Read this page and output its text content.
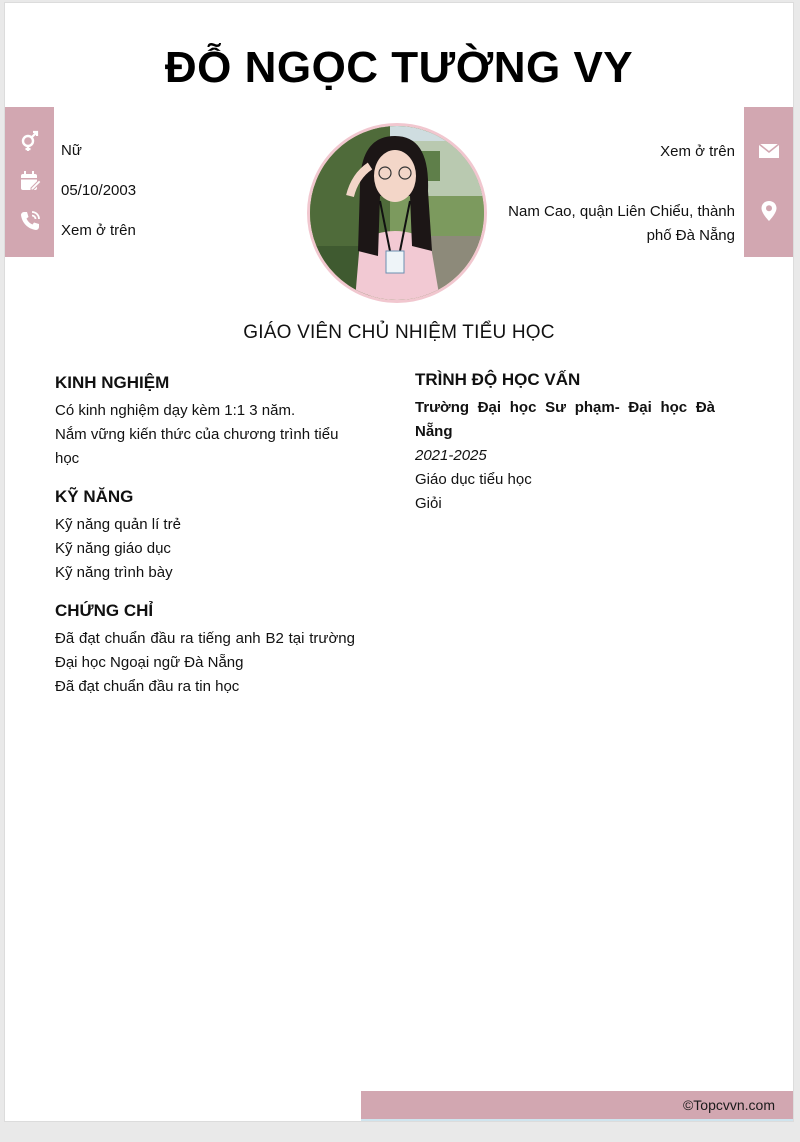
ĐỖ NGỌC TƯỜNG VY
Nữ
05/10/2003
Xem ở trên
Xem ở trên
Nam Cao, quận Liên Chiểu, thành
phố Đà Nẵng
GIÁO VIÊN CHỦ NHIỆM TIỂU HỌC
KINH NGHIỆM
Có kinh nghiệm dạy kèm 1:1 3 năm.
Nắm vững kiến thức của chương trình tiểu học
KỸ NĂNG
Kỹ năng quản lí trẻ
Kỹ năng giáo dục
Kỹ năng trình bày
CHỨNG CHỈ
Đã đạt chuẩn đầu ra tiếng anh B2 tại trường Đại học Ngoại ngữ Đà Nẵng
Đã đạt chuẩn đầu ra tin học
TRÌNH ĐỘ HỌC VẤN
Trường Đại học Sư phạm- Đại học Đà Nẵng
2021-2025
Giáo dục tiểu học
Giỏi
©Topcvvn.com
